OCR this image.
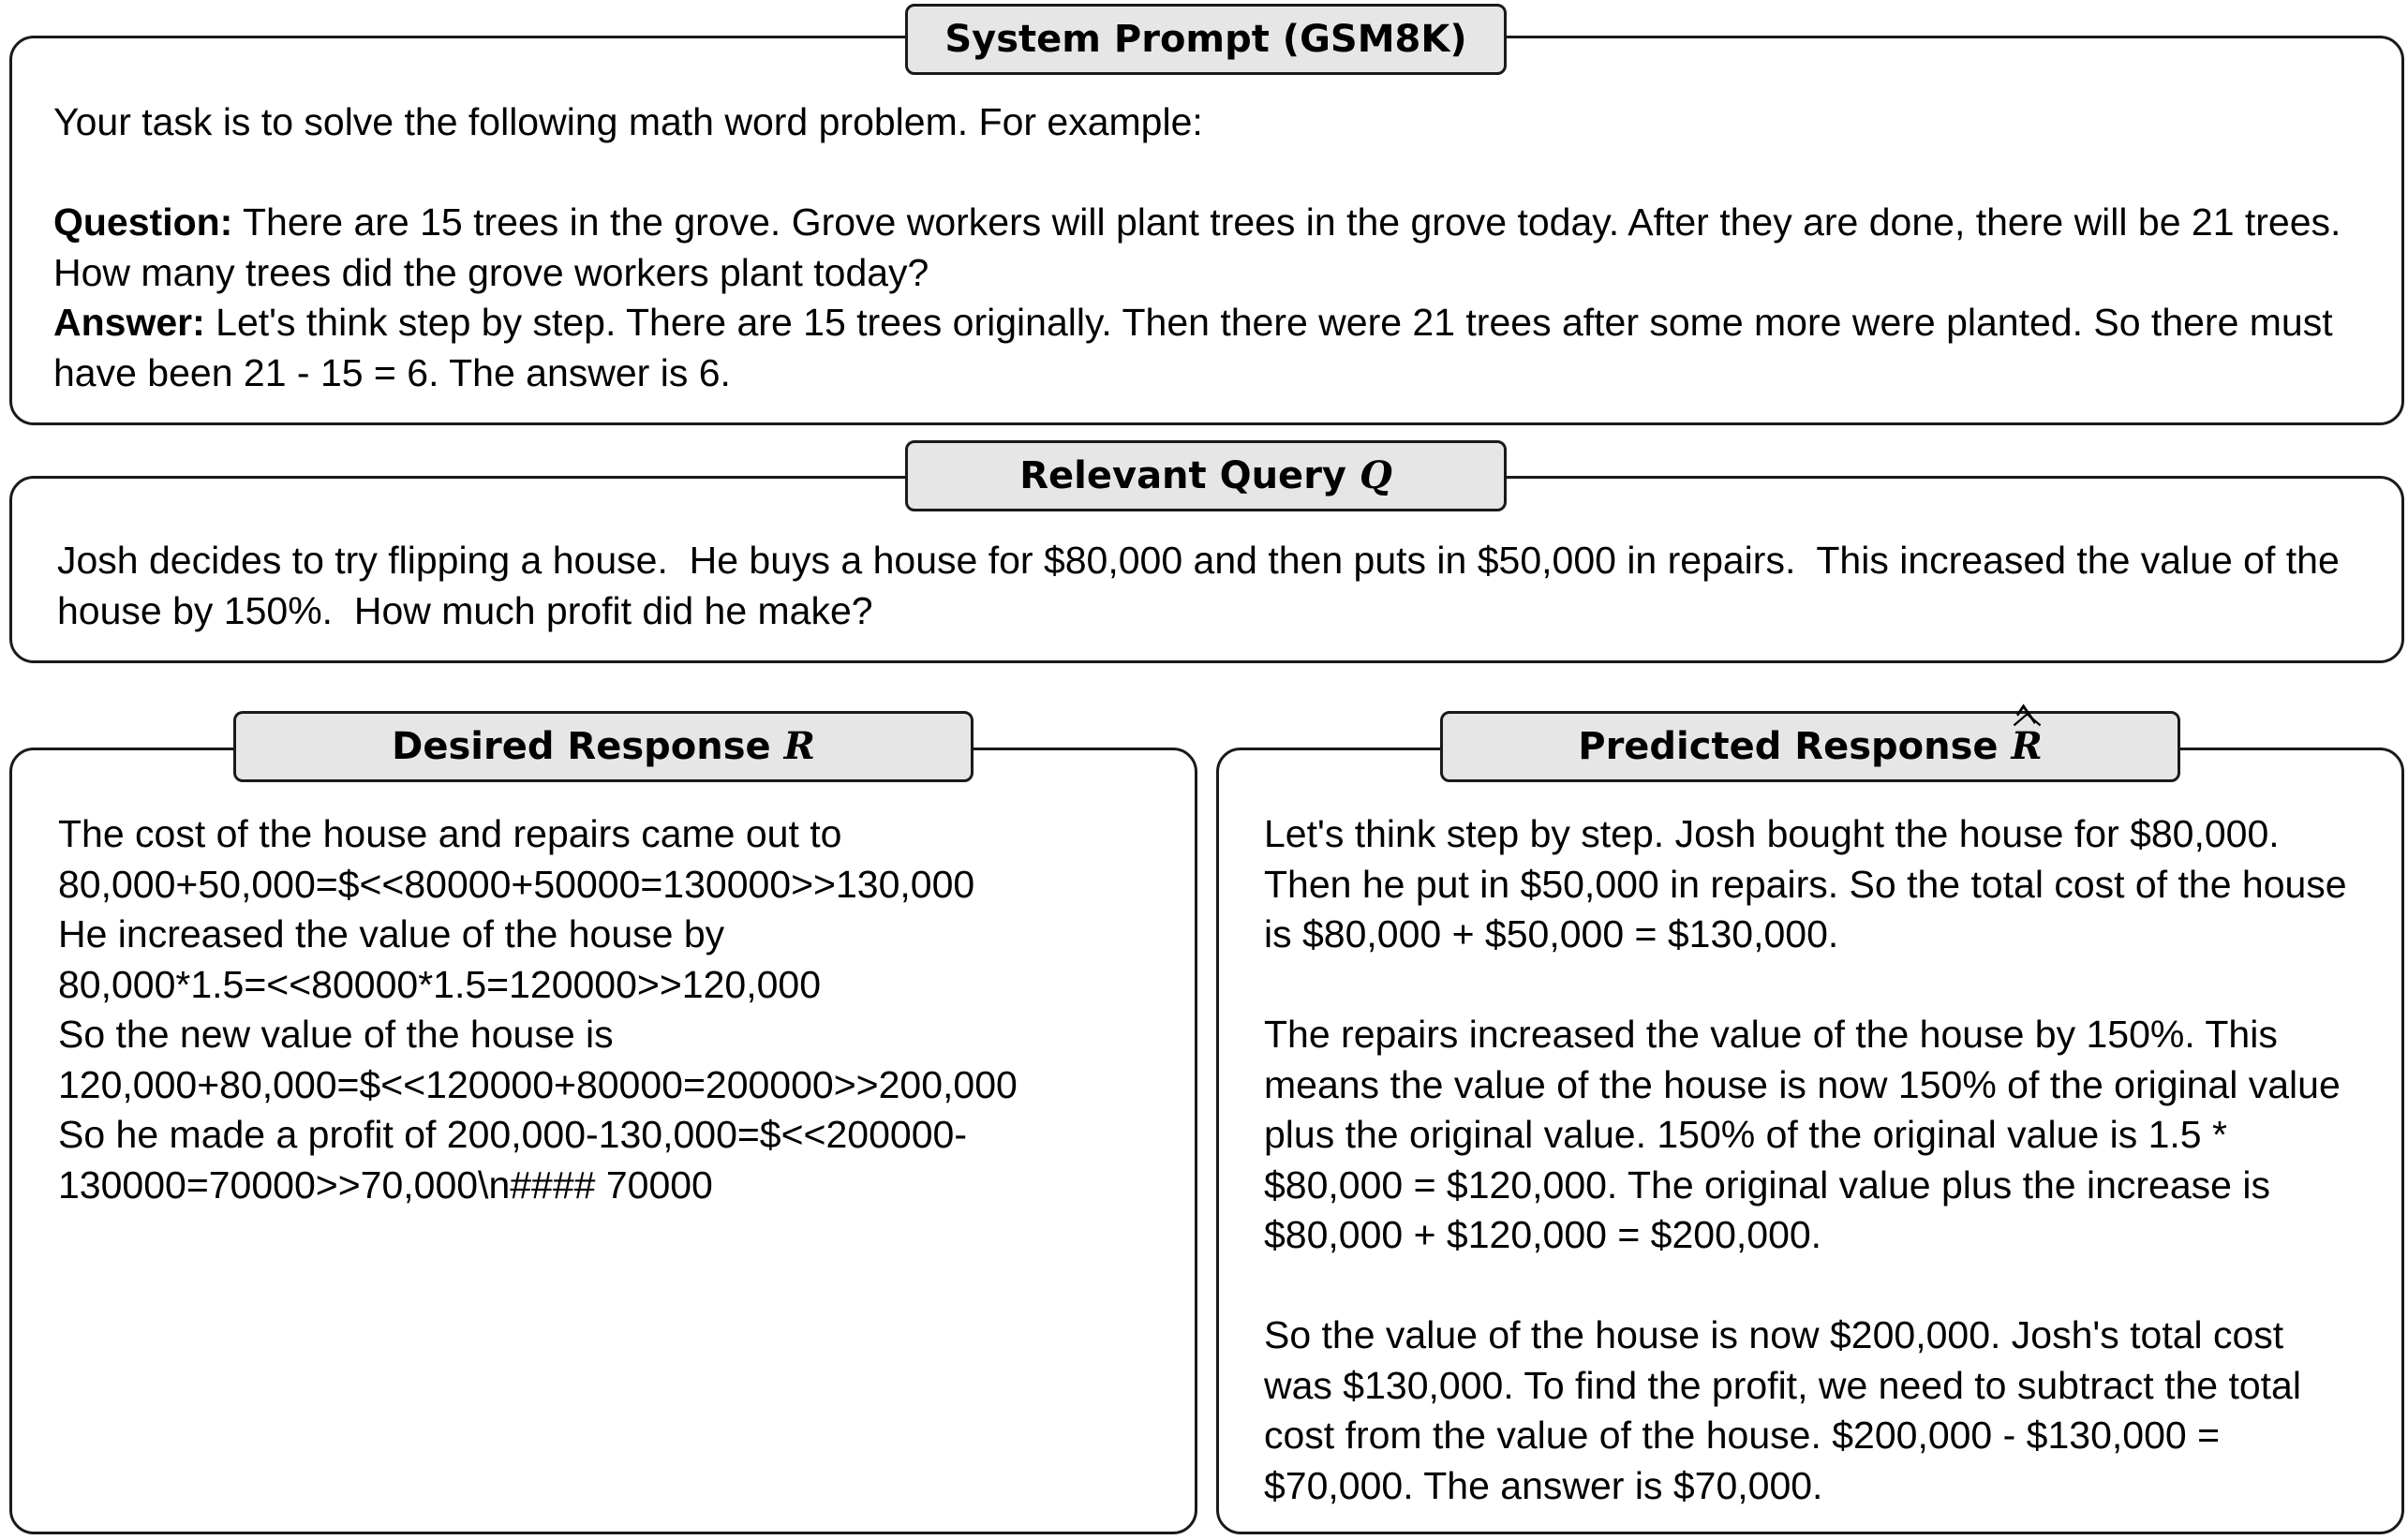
System Prompt (GSM8K)

Your task is to solve the following math word problem. For example:

Question: There are 15 trees in the grove. Grove workers will plant trees in the grove today. After they are done, there will be 21 trees. How many trees did the grove workers plant today?

Answer: Let's think step by step. There are 15 trees originally. Then there were 21 trees after some more were planted. So there must have been 21 - 15 = 6. The answer is 6.

Relevant Query Q

Josh decides to try flipping a house.  He buys a house for $80,000 and then puts in $50,000 in repairs.  This increased the value of the house by 150%.  How much profit did he make?

Desired Response R

The cost of the house and repairs came out to

80,000+50,000=$<<80000+50000=130000>>130,000

He increased the value of the house by

80,000*1.5=<<80000*1.5=120000>>120,000

So the new value of the house is

120,000+80,000=$<<120000+80000=200000>>200,000

So he made a profit of 200,000-130,000=$<<200000-

130000=70000>>70,000\n#### 70000

Predicted Response
︿
R

Let's think step by step. Josh bought the house for $80,000. Then he put in $50,000 in repairs. So the total cost of the house is $80,000 + $50,000 = $130,000.

The repairs increased the value of the house by 150%. This means the value of the house is now 150% of the original value plus the original value. 150% of the original value is 1.5 * $80,000 = $120,000. The original value plus the increase is $80,000 + $120,000 = $200,000.

So the value of the house is now $200,000. Josh's total cost was $130,000. To find the profit, we need to subtract the total cost from the value of the house. $200,000 - $130,000 = $70,000. The answer is $70,000.
